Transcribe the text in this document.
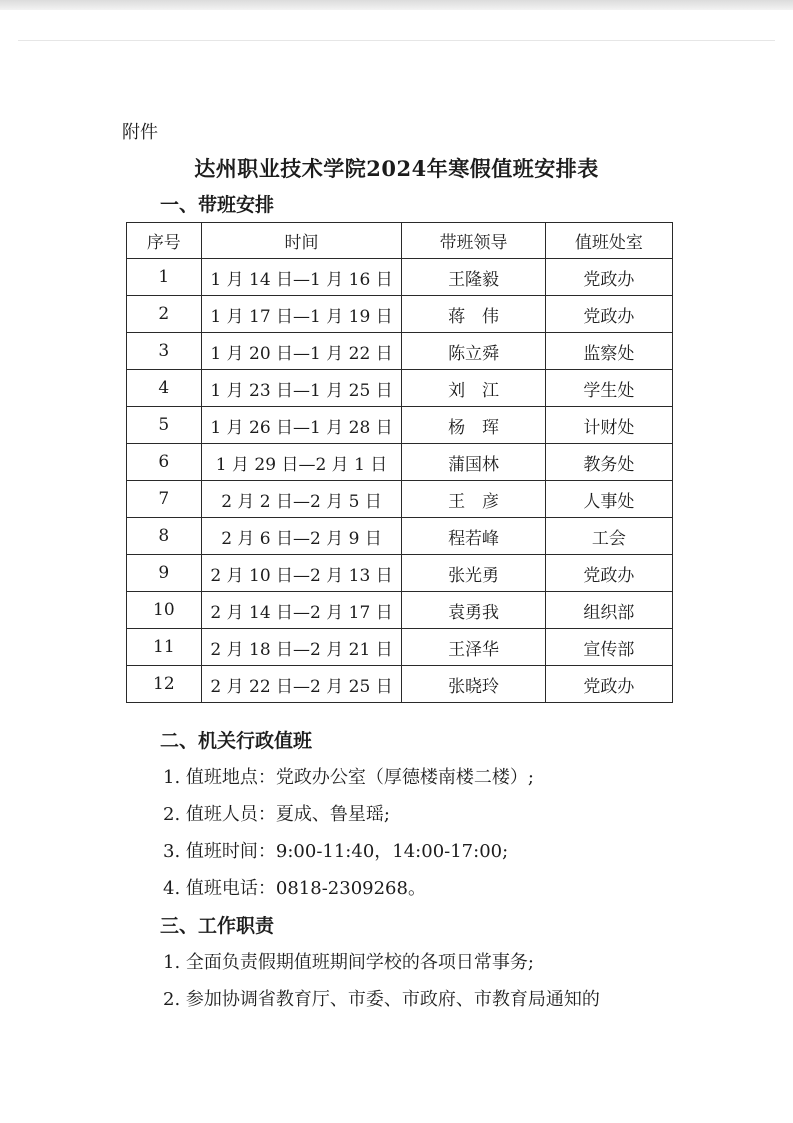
附件
达州职业技术学院2024年寒假值班安排表
一、带班安排
序号	时间	带班领导	值班处室
1	1 月 14 日—1 月 16 日	王隆毅	党政办
2	1 月 17 日—1 月 19 日	蒋　伟	党政办
3	1 月 20 日—1 月 22 日	陈立舜	监察处
4	1 月 23 日—1 月 25 日	刘　江	学生处
5	1 月 26 日—1 月 28 日	杨　珲	计财处
6	1 月 29 日—2 月 1 日	蒲国林	教务处
7	2 月 2 日—2 月 5 日	王　彦	人事处
8	2 月 6 日—2 月 9 日	程若峰	工会
9	2 月 10 日—2 月 13 日	张光勇	党政办
10	2 月 14 日—2 月 17 日	袁勇我	组织部
11	2 月 18 日—2 月 21 日	王泽华	宣传部
12	2 月 22 日—2 月 25 日	张晓玲	党政办
二、机关行政值班
1. 值班地点：党政办公室（厚德楼南楼二楼）;
2. 值班人员：夏成、鲁星瑶;
3. 值班时间：9:00-11:40，14:00-17:00;
4. 值班电话：0818-2309268。
三、工作职责
1. 全面负责假期值班期间学校的各项日常事务;
2. 参加协调省教育厅、市委、市政府、市教育局通知的
